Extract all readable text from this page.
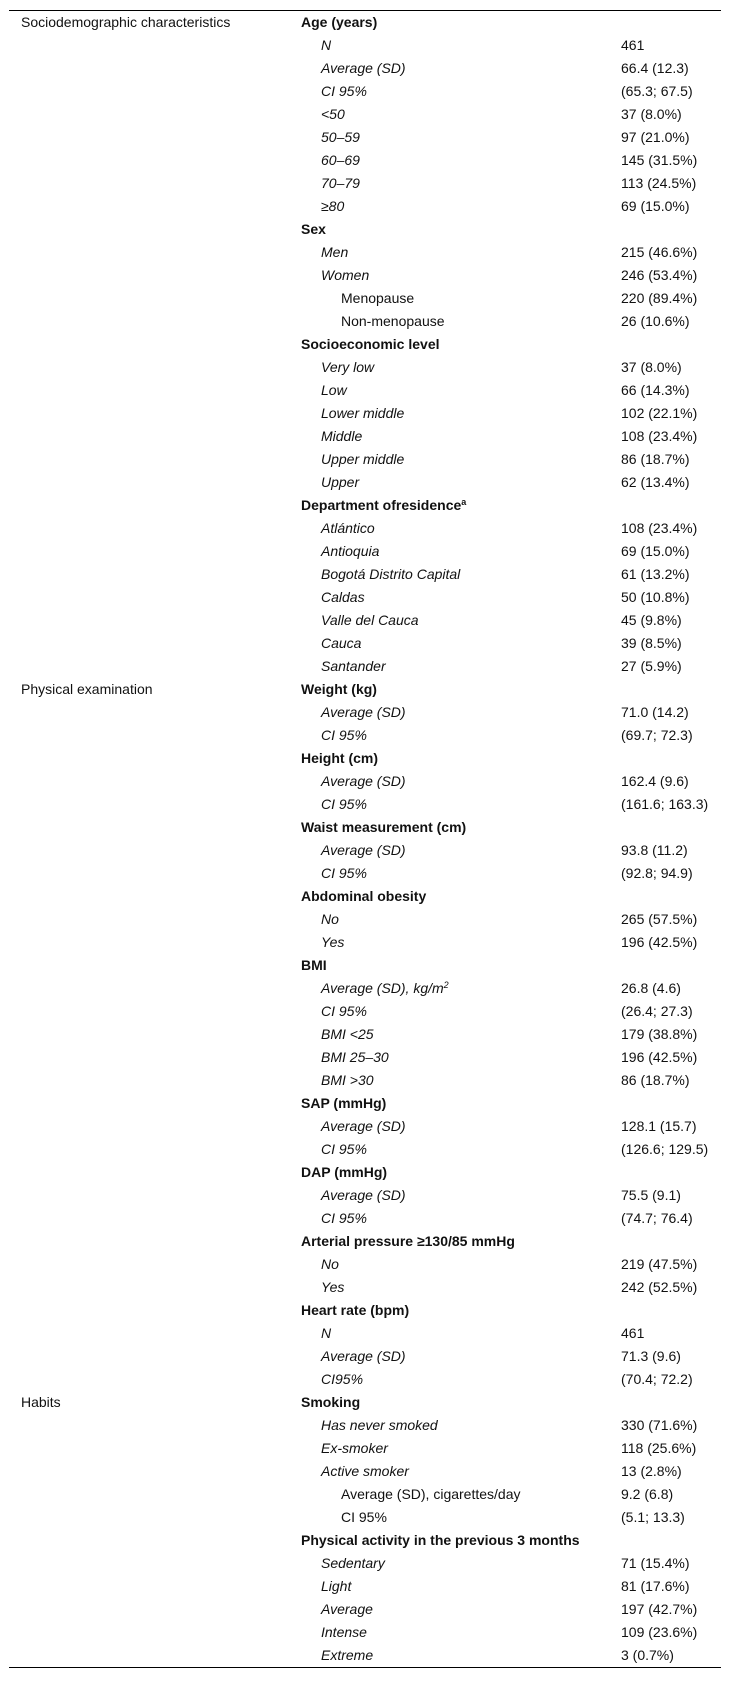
Sociodemographic characteristics	Age (years)	
	N	461
	Average (SD)	66.4 (12.3)
	CI 95%	(65.3; 67.5)
	<50	37 (8.0%)
	50–59	97 (21.0%)
	60–69	145 (31.5%)
	70–79	113 (24.5%)
	≥80	69 (15.0%)
	Sex	
	Men	215 (46.6%)
	Women	246 (53.4%)
	Menopause	220 (89.4%)
	Non-menopause	26 (10.6%)
	Socioeconomic level	
	Very low	37 (8.0%)
	Low	66 (14.3%)
	Lower middle	102 (22.1%)
	Middle	108 (23.4%)
	Upper middle	86 (18.7%)
	Upper	62 (13.4%)
	Department ofresidence$^a$	
	Atlántico	108 (23.4%)
	Antioquia	69 (15.0%)
	Bogotá Distrito Capital	61 (13.2%)
	Caldas	50 (10.8%)
	Valle del Cauca	45 (9.8%)
	Cauca	39 (8.5%)
	Santander	27 (5.9%)
Physical examination	Weight (kg)	
	Average (SD)	71.0 (14.2)
	CI 95%	(69.7; 72.3)
	Height (cm)	
	Average (SD)	162.4 (9.6)
	CI 95%	(161.6; 163.3)
	Waist measurement (cm)	
	Average (SD)	93.8 (11.2)
	CI 95%	(92.8; 94.9)
	Abdominal obesity	
	No	265 (57.5%)
	Yes	196 (42.5%)
	BMI	
	Average (SD), $kg/m^2$	26.8 (4.6)
	CI 95%	(26.4; 27.3)
	BMI <25	179 (38.8%)
	BMI 25–30	196 (42.5%)
	BMI >30	86 (18.7%)
	SAP (mmHg)	
	Average (SD)	128.1 (15.7)
	CI 95%	(126.6; 129.5)
	DAP (mmHg)	
	Average (SD)	75.5 (9.1)
	CI 95%	(74.7; 76.4)
	Arterial pressure ≥130/85 mmHg	
	No	219 (47.5%)
	Yes	242 (52.5%)
	Heart rate (bpm)	
	N	461
	Average (SD)	71.3 (9.6)
	CI95%	(70.4; 72.2)
Habits	Smoking	
	Has never smoked	330 (71.6%)
	Ex-smoker	118 (25.6%)
	Active smoker	13 (2.8%)
	Average (SD), cigarettes/day	9.2 (6.8)
	CI 95%	(5.1; 13.3)
	Physical activity in the previous 3 months	
	Sedentary	71 (15.4%)
	Light	81 (17.6%)
	Average	197 (42.7%)
	Intense	109 (23.6%)
	Extreme	3 (0.7%)
